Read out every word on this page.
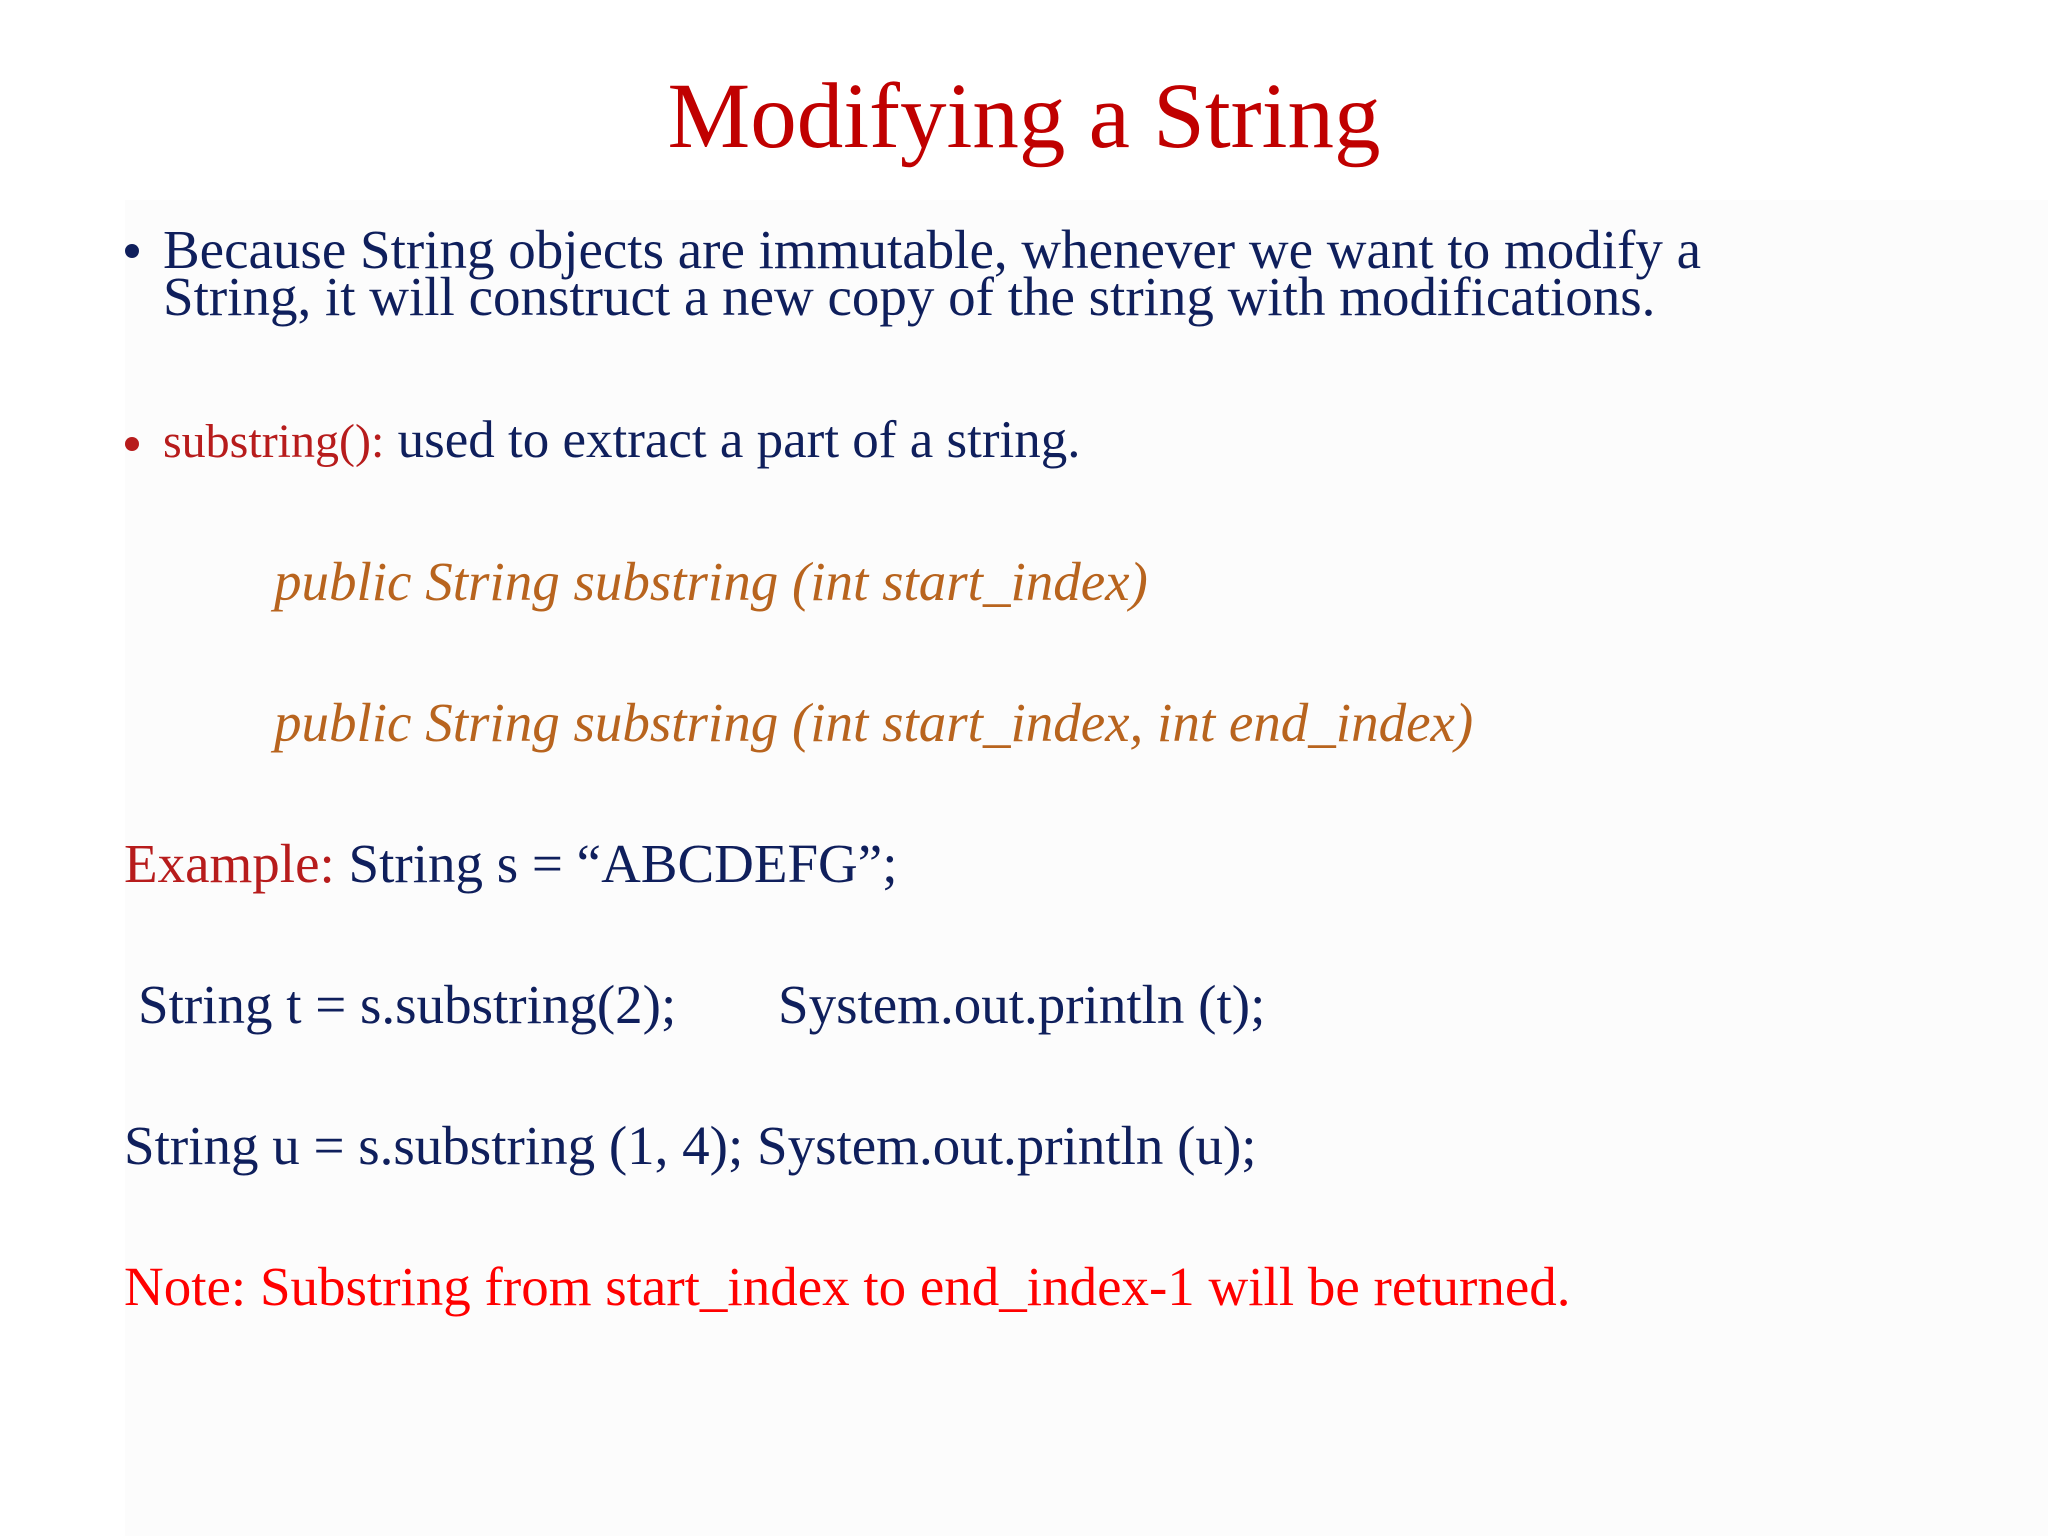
Modifying a String
Because String objects are immutable, whenever we want to modify a
String, it will construct a new copy of the string with modifications.
substring(): used to extract a part of a string.
public String substring (int start_index)
public String substring (int start_index, int end_index)
Example: String s = “ABCDEFG”;
String t = s.substring(2); System.out.println (t);
String u = s.substring (1, 4); System.out.println (u);
Note: Substring from start_index to end_index-1 will be returned.
